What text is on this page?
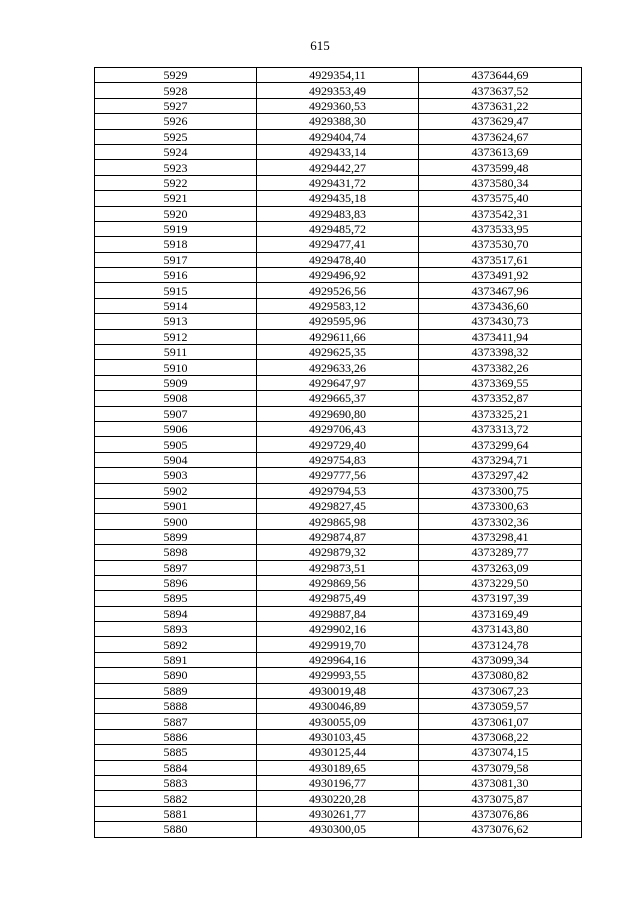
615
5929	4929354,11	4373644,69
5928	4929353,49	4373637,52
5927	4929360,53	4373631,22
5926	4929388,30	4373629,47
5925	4929404,74	4373624,67
5924	4929433,14	4373613,69
5923	4929442,27	4373599,48
5922	4929431,72	4373580,34
5921	4929435,18	4373575,40
5920	4929483,83	4373542,31
5919	4929485,72	4373533,95
5918	4929477,41	4373530,70
5917	4929478,40	4373517,61
5916	4929496,92	4373491,92
5915	4929526,56	4373467,96
5914	4929583,12	4373436,60
5913	4929595,96	4373430,73
5912	4929611,66	4373411,94
5911	4929625,35	4373398,32
5910	4929633,26	4373382,26
5909	4929647,97	4373369,55
5908	4929665,37	4373352,87
5907	4929690,80	4373325,21
5906	4929706,43	4373313,72
5905	4929729,40	4373299,64
5904	4929754,83	4373294,71
5903	4929777,56	4373297,42
5902	4929794,53	4373300,75
5901	4929827,45	4373300,63
5900	4929865,98	4373302,36
5899	4929874,87	4373298,41
5898	4929879,32	4373289,77
5897	4929873,51	4373263,09
5896	4929869,56	4373229,50
5895	4929875,49	4373197,39
5894	4929887,84	4373169,49
5893	4929902,16	4373143,80
5892	4929919,70	4373124,78
5891	4929964,16	4373099,34
5890	4929993,55	4373080,82
5889	4930019,48	4373067,23
5888	4930046,89	4373059,57
5887	4930055,09	4373061,07
5886	4930103,45	4373068,22
5885	4930125,44	4373074,15
5884	4930189,65	4373079,58
5883	4930196,77	4373081,30
5882	4930220,28	4373075,87
5881	4930261,77	4373076,86
5880	4930300,05	4373076,62
